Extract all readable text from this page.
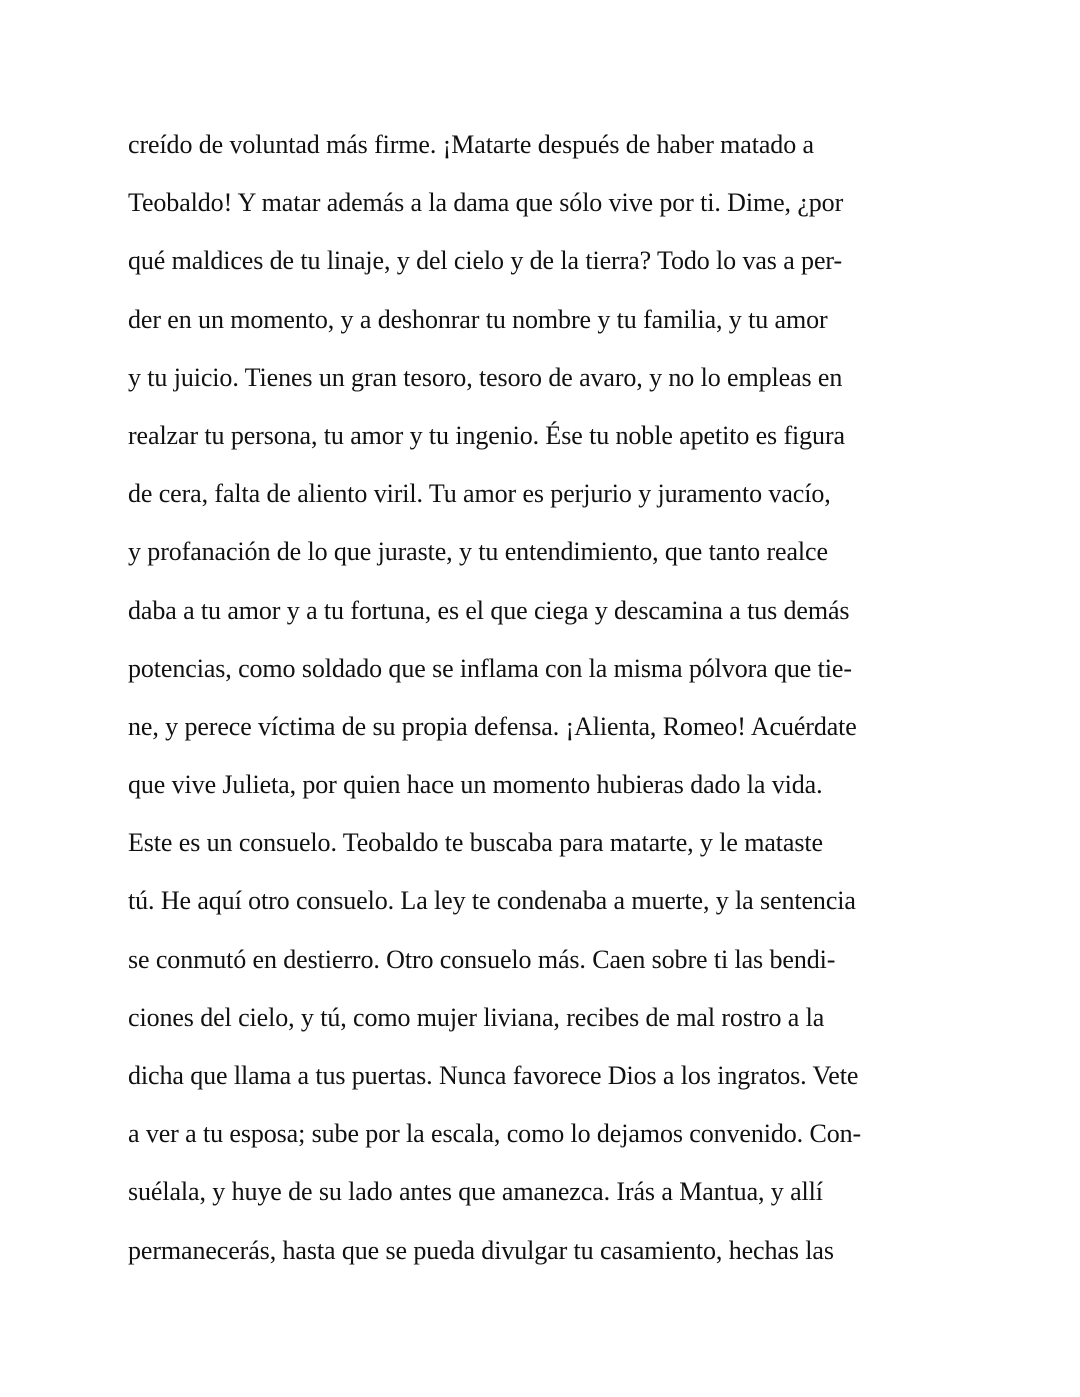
creído de voluntad más firme. ¡Matarte después de haber matado a
Teobaldo! Y matar además a la dama que sólo vive por ti. Dime, ¿por
qué maldices de tu linaje, y del cielo y de la tierra? Todo lo vas a per-
der en un momento, y a deshonrar tu nombre y tu familia, y tu amor
y tu juicio. Tienes un gran tesoro, tesoro de avaro, y no lo empleas en
realzar tu persona, tu amor y tu ingenio. Ése tu noble apetito es figura
de cera, falta de aliento viril. Tu amor es perjurio y juramento vacío,
y profanación de lo que juraste, y tu entendimiento, que tanto realce
daba a tu amor y a tu fortuna, es el que ciega y descamina a tus demás
potencias, como soldado que se inflama con la misma pólvora que tie-
ne, y perece víctima de su propia defensa. ¡Alienta, Romeo! Acuérdate
que vive Julieta, por quien hace un momento hubieras dado la vida.
Este es un consuelo. Teobaldo te buscaba para matarte, y le mataste
tú. He aquí otro consuelo. La ley te condenaba a muerte, y la sentencia
se conmutó en destierro. Otro consuelo más. Caen sobre ti las bendi-
ciones del cielo, y tú, como mujer liviana, recibes de mal rostro a la
dicha que llama a tus puertas. Nunca favorece Dios a los ingratos. Vete
a ver a tu esposa; sube por la escala, como lo dejamos convenido. Con-
suélala, y huye de su lado antes que amanezca. Irás a Mantua, y allí
permanecerás, hasta que se pueda divulgar tu casamiento, hechas las
